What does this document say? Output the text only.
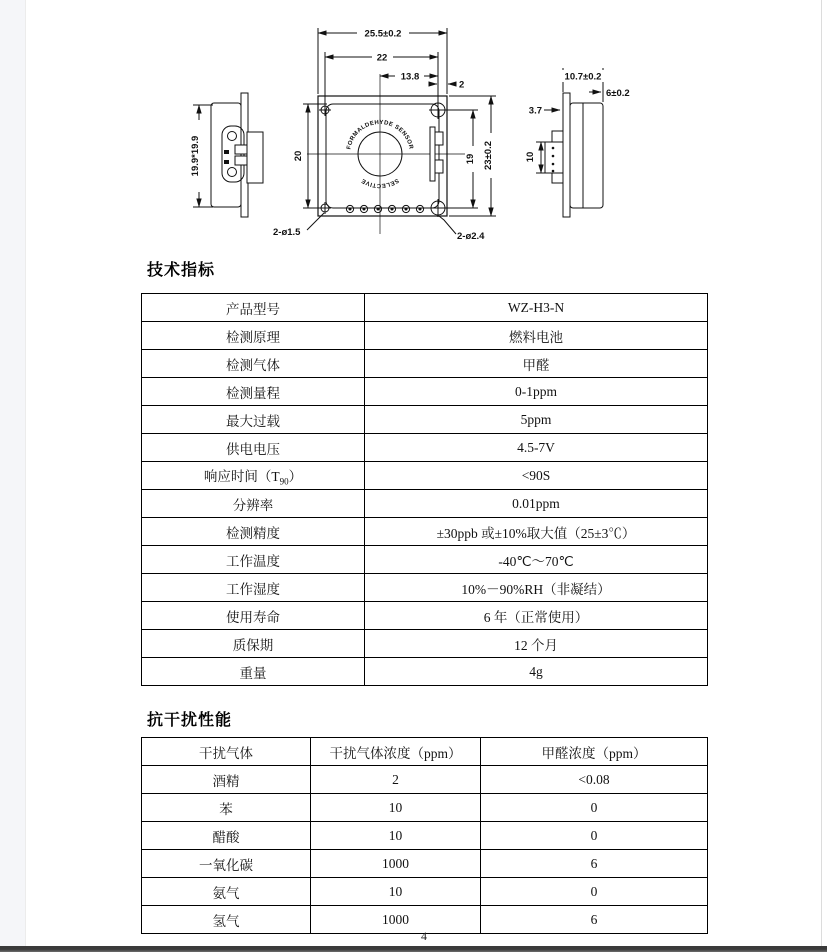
19.9*19.9	FORMALDEHYDE SENSOR
SELECTIVE
25.5±0.2
22
13.8
2
20	19 23±0.2
2-ø1.5	2-ø2.4
10.7±0.2
6±0.2
3.7
10
技术指标
产品型号	WZ-H3-N
检测原理	燃料电池
检测气体	甲醛
检测量程	0-1ppm
最大过载	5ppm
供电电压	4.5-7V
响应时间$(T_{90})$	<90S
分辨率	0.01ppm
检测精度	±30ppb 或±10%取大值（25±3℃）
工作温度	-40℃～70℃
工作湿度	10%－90%RH（非凝结）
使用寿命	6 年（正常使用）
质保期	12 个月
重量	4g
抗干扰性能
干扰气体	干扰气体浓度（ppm）	甲醛浓度（ppm）
酒精	2	<0.08
苯	10	0
醋酸	10	0
一氧化碳	1000	6
氨气	10	0
氢气	1000	6
4
